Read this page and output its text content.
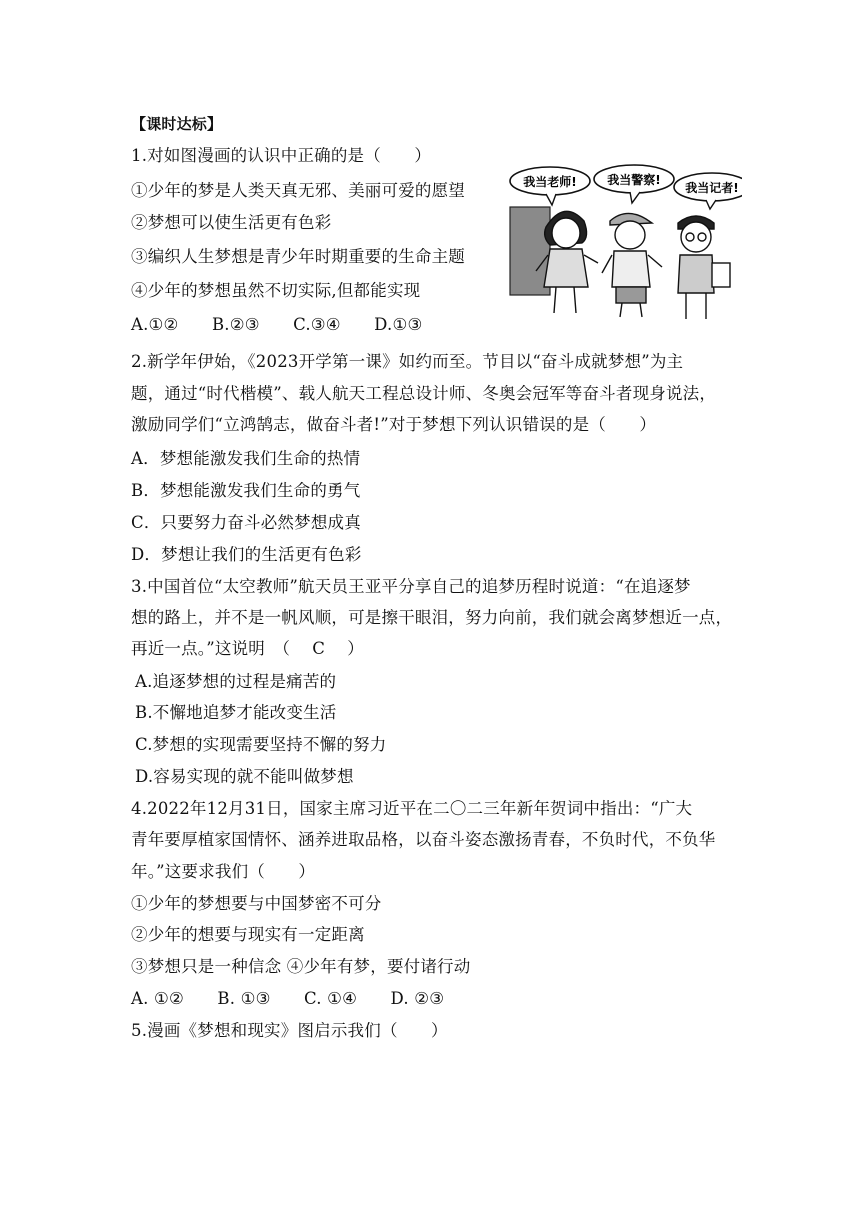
【课时达标】
1.对如图漫画的认识中正确的是（　　）
①少年的梦是人类天真无邪、美丽可爱的愿望
②梦想可以使生活更有色彩
③编织人生梦想是青少年时期重要的生命主题
④少年的梦想虽然不切实际,但都能实现
A.①②　　B.②③　　C.③④　　D.①③
我当老师!	我当警察!
我当记者!
2.新学年伊始，《2023开学第一课》如约而至。节目以“奋斗成就梦想”为主
题，通过“时代楷模”、载人航天工程总设计师、冬奥会冠军等奋斗者现身说法，
激励同学们“立鸿鹄志，做奋斗者!”对于梦想下列认识错误的是（　　）
A．梦想能激发我们生命的热情
B．梦想能激发我们生命的勇气
C．只要努力奋斗必然梦想成真
D．梦想让我们的生活更有色彩
3.中国首位“太空教师”航天员王亚平分享自己的追梦历程时说道：“在追逐梦
想的路上，并不是一帆风顺，可是擦干眼泪，努力向前，我们就会离梦想近一点，
再近一点。”这说明　（　 C　 ）
A.追逐梦想的过程是痛苦的
B.不懈地追梦才能改变生活
C.梦想的实现需要坚持不懈的努力
D.容易实现的就不能叫做梦想
4.2022年12月31日，国家主席习近平在二〇二三年新年贺词中指出：“广大
青年要厚植家国情怀、涵养进取品格，以奋斗姿态激扬青春，不负时代，不负华
年。”这要求我们（　　）
①少年的梦想要与中国梦密不可分
②少年的想要与现实有一定距离
③梦想只是一种信念 ④少年有梦，要付诸行动
A. ①②　　B. ①③　　C. ①④　　D. ②③
5.漫画《梦想和现实》图启示我们（　　）
